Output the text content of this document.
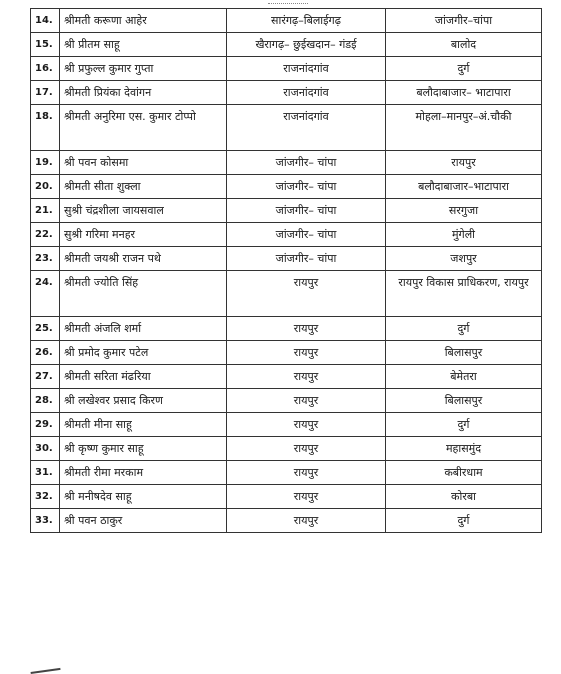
14.	श्रीमती करूणा आहेर	सारंगढ़–बिलाईगढ़	जांजगीर–चांपा
15.	श्री प्रीतम साहू	खैरागढ़– छुईखदान– गंडई	बालोद
16.	श्री प्रफुल्ल कुमार गुप्ता	राजनांदगांव	दुर्ग
17.	श्रीमती प्रियंका देवांगन	राजनांदगांव	बलौदाबाजार– भाटापारा
18.	श्रीमती अनुरिमा एस. कुमार टोप्पो	राजनांदगांव	मोहला–मानपुर–अं.चौकी
19.	श्री पवन कोसमा	जांजगीर– चांपा	रायपुर
20.	श्रीमती सीता शुक्ला	जांजगीर– चांपा	बलौदाबाजार–भाटापारा
21.	सुश्री चंद्रशीला जायसवाल	जांजगीर– चांपा	सरगुजा
22.	सुश्री गरिमा मनहर	जांजगीर– चांपा	मुंगेली
23.	श्रीमती जयश्री राजन पथे	जांजगीर– चांपा	जशपुर
24.	श्रीमती ज्योति सिंह	रायपुर	रायपुर विकास प्राधिकरण, रायपुर
25.	श्रीमती अंजलि शर्मा	रायपुर	दुर्ग
26.	श्री प्रमोद कुमार पटेल	रायपुर	बिलासपुर
27.	श्रीमती सरिता मंढरिया	रायपुर	बेमेतरा
28.	श्री लखेश्वर प्रसाद किरण	रायपुर	बिलासपुर
29.	श्रीमती मीना साहू	रायपुर	दुर्ग
30.	श्री कृष्ण कुमार साहू	रायपुर	महासमुंद
31.	श्रीमती रीमा मरकाम	रायपुर	कबीरधाम
32.	श्री मनीषदेव साहू	रायपुर	कोरबा
33.	श्री पवन ठाकुर	रायपुर	दुर्ग
